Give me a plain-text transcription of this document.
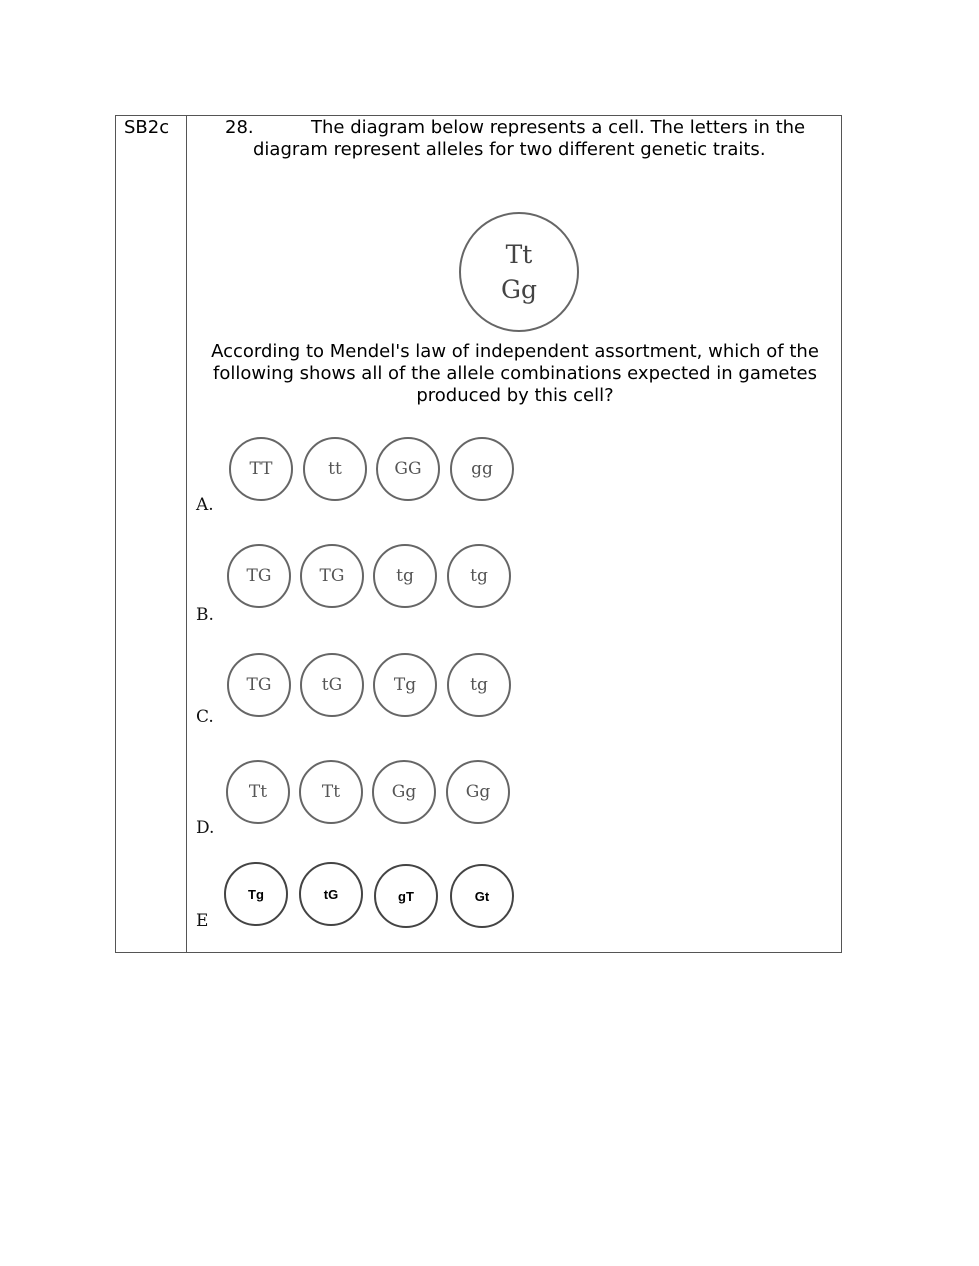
SB2c	28.	The diagram below represents a cell. The letters in the diagram represent alleles for two different genetic traits.
Tt
Gg
According to Mendel's law of independent assortment, which of the following shows all of the allele combinations expected in gametes produced by this cell?
A.
TT	tt	GG	gg
B.
TG	TG	tg	tg
C.
TG	tG	Tg	tg
D.
Tt	Tt	Gg	Gg
E
Tg	tG	gT	Gt
